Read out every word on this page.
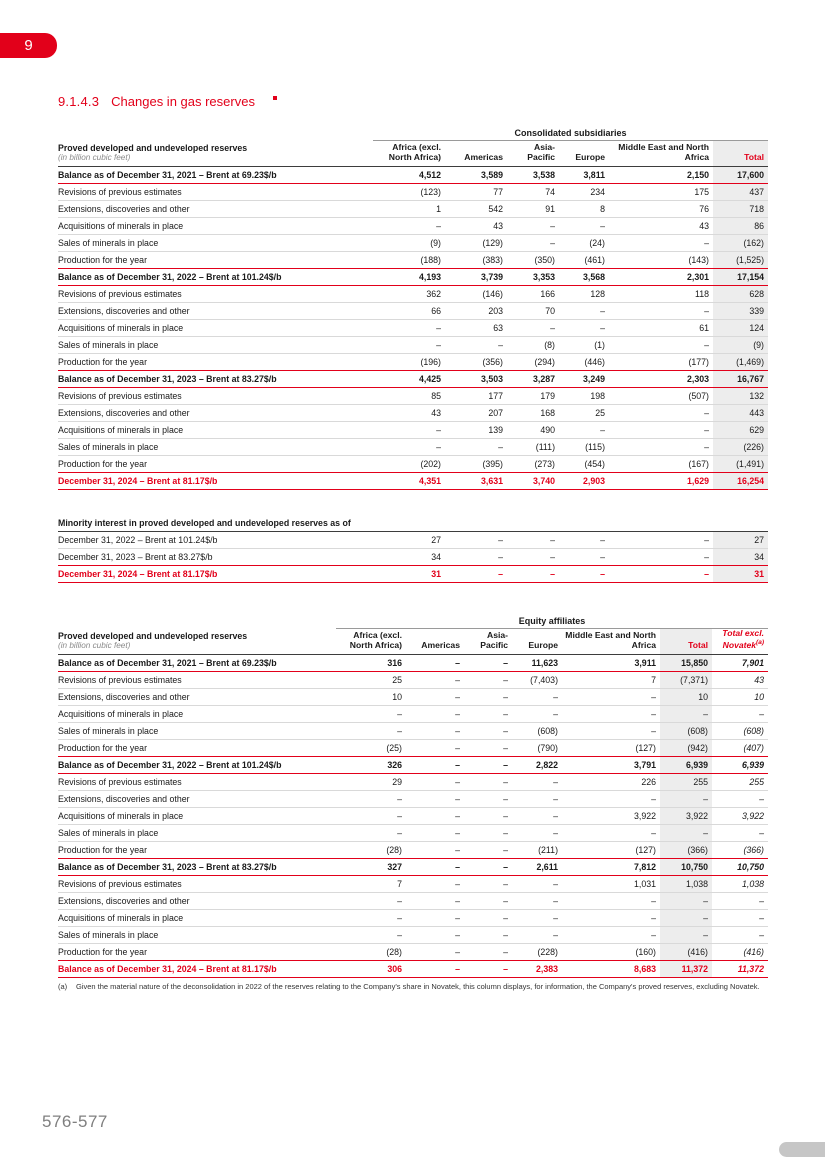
9
9.1.4.3 Changes in gas reserves
	Consolidated subsidiaries					

Proved developed and undeveloped reserves
(in billion cubic feet)	Africa (excl. North Africa)	Americas	Asia-Pacific	Europe	Middle East and North Africa	Total
Balance as of December 31, 2021 – Brent at 69.23$/b	4,512	3,589	3,538	3,811	2,150	17,600
Revisions of previous estimates	(123)	77	74	234	175	437
Extensions, discoveries and other	1	542	91	8	76	718
Acquisitions of minerals in place	–	43	–	–	43	86
Sales of minerals in place	(9)	(129)	–	(24)	–	(162)
Production for the year	(188)	(383)	(350)	(461)	(143)	(1,525)
Balance as of December 31, 2022 – Brent at 101.24$/b	4,193	3,739	3,353	3,568	2,301	17,154
Revisions of previous estimates	362	(146)	166	128	118	628
Extensions, discoveries and other	66	203	70	–	–	339
Acquisitions of minerals in place	–	63	–	–	61	124
Sales of minerals in place	–	–	(8)	(1)	–	(9)
Production for the year	(196)	(356)	(294)	(446)	(177)	(1,469)
Balance as of December 31, 2023 – Brent at 83.27$/b	4,425	3,503	3,287	3,249	2,303	16,767
Revisions of previous estimates	85	177	179	198	(507)	132
Extensions, discoveries and other	43	207	168	25	–	443
Acquisitions of minerals in place	–	139	490	–	–	629
Sales of minerals in place	–	–	(111)	(115)	–	(226)
Production for the year	(202)	(395)	(273)	(454)	(167)	(1,491)
December 31, 2024 – Brent at 81.17$/b	4,351	3,631	3,740	2,903	1,629	16,254
Minority interest in proved developed and undeveloped reserves as of						
December 31, 2022 – Brent at 101.24$/b	27	–	–	–	–	27
December 31, 2023 – Brent at 83.27$/b	34	–	–	–	–	34
December 31, 2024 – Brent at 81.17$/b	31	–	–	–	–	31
	Equity affiliates						

Proved developed and undeveloped reserves
(in billion cubic feet)	Africa (excl. North Africa)	Americas	Asia-Pacific	Europe	Middle East and North Africa	Total	Total excl. Novatek$^{(a)}$
Balance as of December 31, 2021 – Brent at 69.23$/b	316	–	–	11,623	3,911	15,850	7,901
Revisions of previous estimates	25	–	–	(7,403)	7	(7,371)	43
Extensions, discoveries and other	10	–	–	–	–	10	10
Acquisitions of minerals in place	–	–	–	–	–	–	–
Sales of minerals in place	–	–	–	(608)	–	(608)	(608)
Production for the year	(25)	–	–	(790)	(127)	(942)	(407)
Balance as of December 31, 2022 – Brent at 101.24$/b	326	–	–	2,822	3,791	6,939	6,939
Revisions of previous estimates	29	–	–	–	226	255	255
Extensions, discoveries and other	–	–	–	–	–	–	–
Acquisitions of minerals in place	–	–	–	–	3,922	3,922	3,922
Sales of minerals in place	–	–	–	–	–	–	–
Production for the year	(28)	–	–	(211)	(127)	(366)	(366)
Balance as of December 31, 2023 – Brent at 83.27$/b	327	–	–	2,611	7,812	10,750	10,750
Revisions of previous estimates	7	–	–	–	1,031	1,038	1,038
Extensions, discoveries and other	–	–	–	–	–	–	–
Acquisitions of minerals in place	–	–	–	–	–	–	–
Sales of minerals in place	–	–	–	–	–	–	–
Production for the year	(28)	–	–	(228)	(160)	(416)	(416)
Balance as of December 31, 2024 – Brent at 81.17$/b	306	–	–	2,383	8,683	11,372	11,372
(a)	Given the material nature of the deconsolidation in 2022 of the reserves relating to the Company's share in Novatek, this column displays, for information, the Company's proved reserves, excluding Novatek.
576-577
